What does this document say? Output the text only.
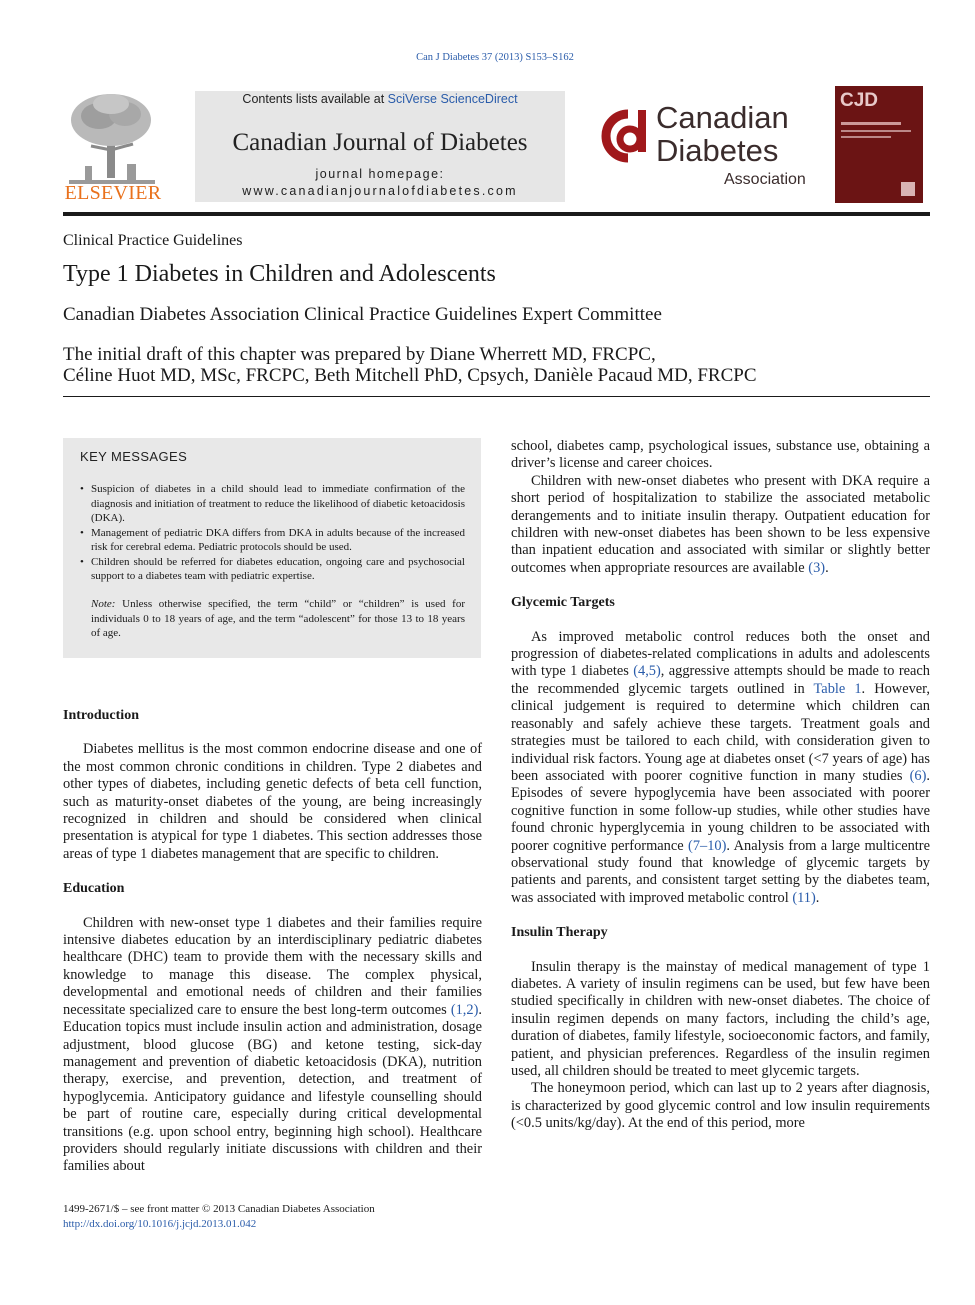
Can J Diabetes 37 (2013) S153–S162
ELSEVIER
Contents lists available at SciVerse ScienceDirect
Canadian Journal of Diabetes
journal homepage:
www.canadianjournalofdiabetes.com
Canadian
Diabetes
Association
CJD
Clinical Practice Guidelines
Type 1 Diabetes in Children and Adolescents
Canadian Diabetes Association Clinical Practice Guidelines Expert Committee
The initial draft of this chapter was prepared by Diane Wherrett MD, FRCPC,
Céline Huot MD, MSc, FRCPC, Beth Mitchell PhD, Cpsych, Danièle Pacaud MD, FRCPC
KEY MESSAGES
• Suspicion of diabetes in a child should lead to immediate confirmation of the diagnosis and initiation of treatment to reduce the likelihood of diabetic ketoacidosis (DKA).
• Management of pediatric DKA differs from DKA in adults because of the increased risk for cerebral edema. Pediatric protocols should be used.
• Children should be referred for diabetes education, ongoing care and psychosocial support to a diabetes team with pediatric expertise.
Note: Unless otherwise specified, the term “child” or “children” is used for individuals 0 to 18 years of age, and the term “adolescent” for those 13 to 18 years of age.
Introduction

Diabetes mellitus is the most common endocrine disease and one of the most common chronic conditions in children. Type 2 diabetes and other types of diabetes, including genetic defects of beta cell function, such as maturity-onset diabetes of the young, are being increasingly recognized in children and should be considered when clinical presentation is atypical for type 1 diabetes. This section addresses those areas of type 1 diabetes management that are specific to children.

Education

Children with new-onset type 1 diabetes and their families require intensive diabetes education by an interdisciplinary pediatric diabetes healthcare (DHC) team to provide them with the necessary skills and knowledge to manage this disease. The complex physical, developmental and emotional needs of children and their families necessitate specialized care to ensure the best long-term outcomes (1,2). Education topics must include insulin action and administration, dosage adjustment, blood glucose (BG) and ketone testing, sick-day management and prevention of diabetic ketoacidosis (DKA), nutrition therapy, exercise, and prevention, detection, and treatment of hypoglycemia. Anticipatory guidance and lifestyle counselling should be part of routine care, especially during critical developmental transitions (e.g. upon school entry, beginning high school). Healthcare providers should regularly initiate discussions with children and their families about

school, diabetes camp, psychological issues, substance use, obtaining a driver’s license and career choices.

Children with new-onset diabetes who present with DKA require a short period of hospitalization to stabilize the associated metabolic derangements and to initiate insulin therapy. Outpatient education for children with new-onset diabetes has been shown to be less expensive than inpatient education and associated with similar or slightly better outcomes when appropriate resources are available (3).

Glycemic Targets

As improved metabolic control reduces both the onset and progression of diabetes-related complications in adults and adolescents with type 1 diabetes (4,5), aggressive attempts should be made to reach the recommended glycemic targets outlined in Table 1. However, clinical judgement is required to determine which children can reasonably and safely achieve these targets. Treatment goals and strategies must be tailored to each child, with consideration given to individual risk factors. Young age at diabetes onset (<7 years of age) has been associated with poorer cognitive function in many studies (6). Episodes of severe hypoglycemia have been associated with poorer cognitive function in some follow-up studies, while other studies have found chronic hyperglycemia in young children to be associated with poorer cognitive performance (7–10). Analysis from a large multicentre observational study found that knowledge of glycemic targets by patients and parents, and consistent target setting by the diabetes team, was associated with improved metabolic control (11).

Insulin Therapy

Insulin therapy is the mainstay of medical management of type 1 diabetes. A variety of insulin regimens can be used, but few have been studied specifically in children with new-onset diabetes. The choice of insulin regimen depends on many factors, including the child’s age, duration of diabetes, family lifestyle, socioeconomic factors, and family, patient, and physician preferences. Regardless of the insulin regimen used, all children should be treated to meet glycemic targets.

The honeymoon period, which can last up to 2 years after diagnosis, is characterized by good glycemic control and low insulin requirements (<0.5 units/kg/day). At the end of this period, more

1499-2671/$ – see front matter © 2013 Canadian Diabetes Association
http://dx.doi.org/10.1016/j.jcjd.2013.01.042
